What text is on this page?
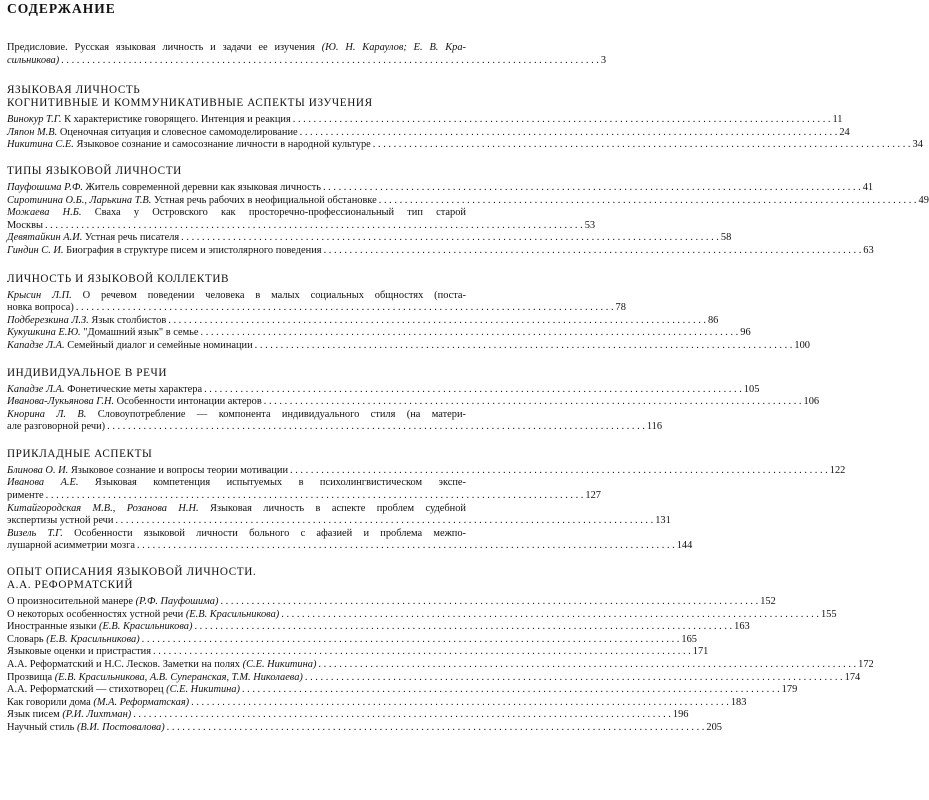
СОДЕРЖАНИЕ
Предисловие. Русская языковая личность и задачи ее изучения (Ю. Н. Караулов; Е. В. Кра-
сильникова) . . .	3
ЯЗЫКОВАЯ ЛИЧНОСТЬ
КОГНИТИВНЫЕ И КОММУНИКАТИВНЫЕ АСПЕКТЫ ИЗУЧЕНИЯ
Винокур Т.Г. К характеристике говорящего. Интенция и реакция . . .	11
Ляпон М.В. Оценочная ситуация и словесное самомоделирование . . .	24
Никитина С.Е. Языковое сознание и самосознание личности в народной культуре . . .	34
ТИПЫ ЯЗЫКОВОЙ ЛИЧНОСТИ
Пауфошима Р.Ф. Житель современной деревни как языковая личность . . .	41
Сиротинина О.Б., Ларькина Т.В. Устная речь рабочих в неофициальной обстановке . . .	49
Можаева Н.Б. Сваха у Островского как просторечно-профессиональный тип старой
Москвы . . .	53
Девятайкин А.И. Устная речь писателя . . .	58
Гиндин С. И. Биография в структуре писем и эпистолярного поведения . . .	63
ЛИЧНОСТЬ И ЯЗЫКОВОЙ КОЛЛЕКТИВ
Крысин Л.П. О речевом поведении человека в малых социальных общностях (поста-
новка вопроса) . . .	78
Подберезкина Л.З. Язык столбистов . . .	86
Кукушкина Е.Ю. "Домашний язык" в семье . . .	96
Кападзе Л.А. Семейный диалог и семейные номинации . . .	100
ИНДИВИДУАЛЬНОЕ В РЕЧИ
Кападзе Л.А. Фонетические меты характера . . .	105
Иванова-Лукьянова Г.Н. Особенности интонации актеров . . .	106
Кнорина Л. В. Словоупотребление — компонента индивидуального стиля (на матери-
але разговорной речи) . . .	116
ПРИКЛАДНЫЕ АСПЕКТЫ
Блинова О. И. Языковое сознание и вопросы теории мотивации . . .	122
Иванова А.Е. Языковая компетенция испытуемых в психолингвистическом экспе-
рименте . . .	127
Китайгородская М.В., Розанова Н.Н. Языковая личность в аспекте проблем судебной
экспертизы устной речи . . .	131
Визель Т.Г. Особенности языковой личности больного с афазией и проблема межпо-
лушарной асимметрии мозга . . .	144
ОПЫТ ОПИСАНИЯ ЯЗЫКОВОЙ ЛИЧНОСТИ.
А.А. РЕФОРМАТСКИЙ
О произносительной манере (Р.Ф. Пауфошима) . . .	152
О некоторых особенностях устной речи (Е.В. Красильникова) . . .	155
Иностранные языки (Е.В. Красильникова) . . .	163
Словарь (Е.В. Красильникова) . . .	165
Языковые оценки и пристрастия . . .	171
А.А. Реформатский и Н.С. Лесков. Заметки на полях (С.Е. Никитина) . . .	172
Прозвища (Е.В. Красильникова, А.В. Суперанская, Т.М. Николаева) . . .	174
А.А. Реформатский — стихотворец (С.Е. Никитина) . . .	179
Как говорили дома (М.А. Реформатская) . . .	183
Язык писем (Р.И. Лихтман) . . .	196
Научный стиль (В.И. Постовалова) . . .	205
